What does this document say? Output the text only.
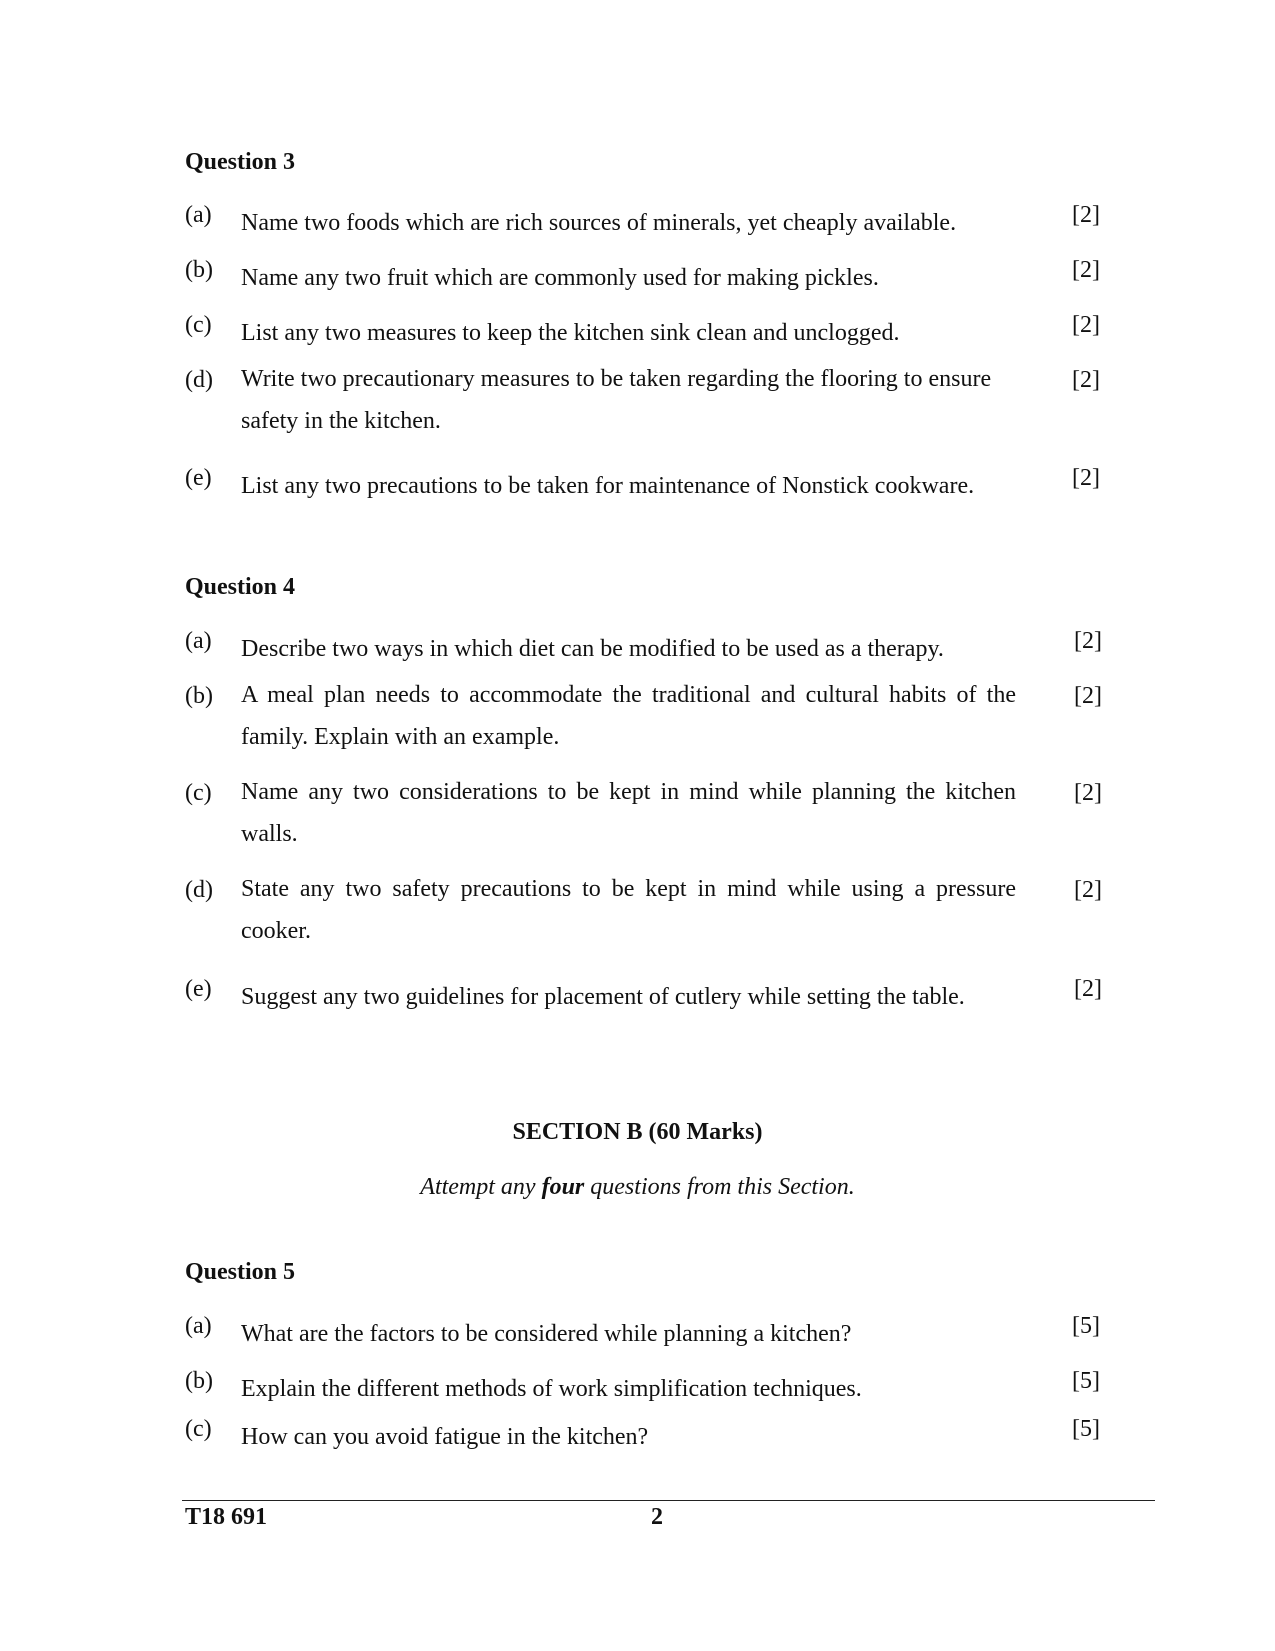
Question 3
(a) Name two foods which are rich sources of minerals, yet cheaply available.	[2]
(b) Name any two fruit which are commonly used for making pickles.	[2]
(c) List any two measures to keep the kitchen sink clean and unclogged.	[2]
(d) Write two precautionary measures to be taken regarding the flooring to ensure safety in the kitchen.
[2]
(e) List any two precautions to be taken for maintenance of Nonstick cookware.	[2]
Question 4
(a) Describe two ways in which diet can be modified to be used as a therapy.	[2]
(b) A meal plan needs to accommodate the traditional and cultural habits of the family. Explain with an example.
[2]
(c) Name any two considerations to be kept in mind while planning the kitchen walls.
[2]
(d) State any two safety precautions to be kept in mind while using a pressure cooker.
[2]
(e) Suggest any two guidelines for placement of cutlery while setting the table.	[2]
SECTION B (60 Marks)
Attempt any four questions from this Section.
Question 5
(a) What are the factors to be considered while planning a kitchen?	[5]
(b) Explain the different methods of work simplification techniques.	[5]
(c) How can you avoid fatigue in the kitchen?	[5]
T18 691	2
